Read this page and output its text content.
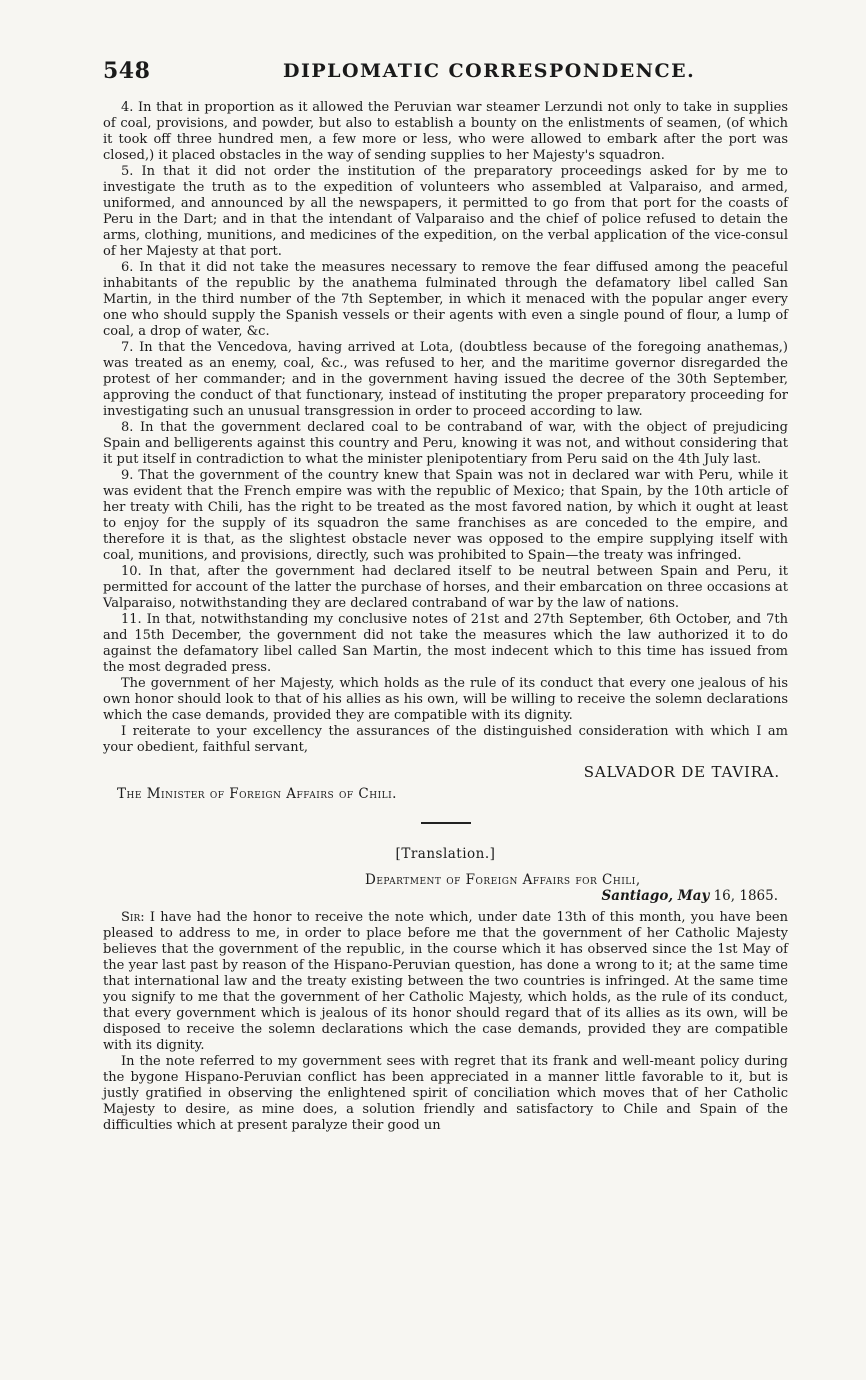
548	DIPLOMATIC CORRESPONDENCE.

4. In that in proportion as it allowed the Peruvian war steamer Lerzundi not only to take in supplies of coal, provisions, and powder, but also to establish a bounty on the enlistments of seamen, (of which it took off three hundred men, a few more or less, who were allowed to embark after the port was closed,) it placed obstacles in the way of sending supplies to her Majesty's squadron.

5. In that it did not order the institution of the preparatory proceedings asked for by me to investigate the truth as to the expedition of volunteers who assembled at Valparaiso, and armed, uniformed, and announced by all the newspapers, it permitted to go from that port for the coasts of Peru in the Dart; and in that the intendant of Valparaiso and the chief of police refused to detain the arms, clothing, munitions, and medicines of the expedition, on the verbal application of the vice-consul of her Majesty at that port.

6. In that it did not take the measures necessary to remove the fear diffused among the peaceful inhabitants of the republic by the anathema fulminated through the defamatory libel called San Martin, in the third number of the 7th September, in which it menaced with the popular anger every one who should supply the Spanish vessels or their agents with even a single pound of flour, a lump of coal, a drop of water, &c.

7. In that the Vencedova, having arrived at Lota, (doubtless because of the foregoing anathemas,) was treated as an enemy, coal, &c., was refused to her, and the maritime governor disregarded the protest of her commander; and in the government having issued the decree of the 30th September, approving the conduct of that functionary, instead of instituting the proper preparatory proceeding for investigating such an unusual transgression in order to proceed according to law.

8. In that the government declared coal to be contraband of war, with the object of prejudicing Spain and belligerents against this country and Peru, knowing it was not, and without considering that it put itself in contradiction to what the minister plenipotentiary from Peru said on the 4th July last.

9. That the government of the country knew that Spain was not in declared war with Peru, while it was evident that the French empire was with the republic of Mexico; that Spain, by the 10th article of her treaty with Chili, has the right to be treated as the most favored nation, by which it ought at least to enjoy for the supply of its squadron the same franchises as are conceded to the empire, and therefore it is that, as the slightest obstacle never was opposed to the empire supplying itself with coal, munitions, and provisions, directly, such was prohibited to Spain—the treaty was infringed.

10. In that, after the government had declared itself to be neutral between Spain and Peru, it permitted for account of the latter the purchase of horses, and their embarcation on three occasions at Valparaiso, notwithstanding they are declared contraband of war by the law of nations.

11. In that, notwithstanding my conclusive notes of 21st and 27th September, 6th October, and 7th and 15th December, the government did not take the measures which the law authorized it to do against the defamatory libel called San Martin, the most indecent which to this time has issued from the most degraded press.

The government of her Majesty, which holds as the rule of its conduct that every one jealous of his own honor should look to that of his allies as his own, will be willing to receive the solemn declarations which the case demands, provided they are compatible with its dignity.

I reiterate to your excellency the assurances of the distinguished consideration with which I am your obedient, faithful servant,

SALVADOR DE TAVIRA.
The Minister of Foreign Affairs of Chili.
[Translation.]
Department of Foreign Affairs for Chili,
Santiago, May 16, 1865.

Sir: I have had the honor to receive the note which, under date 13th of this month, you have been pleased to address to me, in order to place before me that the government of her Catholic Majesty believes that the government of the republic, in the course which it has observed since the 1st May of the year last past by reason of the Hispano-Peruvian question, has done a wrong to it; at the same time that international law and the treaty existing between the two countries is infringed. At the same time you signify to me that the government of her Catholic Majesty, which holds, as the rule of its conduct, that every government which is jealous of its honor should regard that of its allies as its own, will be disposed to receive the solemn declarations which the case demands, provided they are compatible with its dignity.

In the note referred to my government sees with regret that its frank and well-meant policy during the bygone Hispano-Peruvian conflict has been appreciated in a manner little favorable to it, but is justly gratified in observing the enlightened spirit of conciliation which moves that of her Catholic Majesty to desire, as mine does, a solution friendly and satisfactory to Chile and Spain of the difficulties which at present paralyze their good un
